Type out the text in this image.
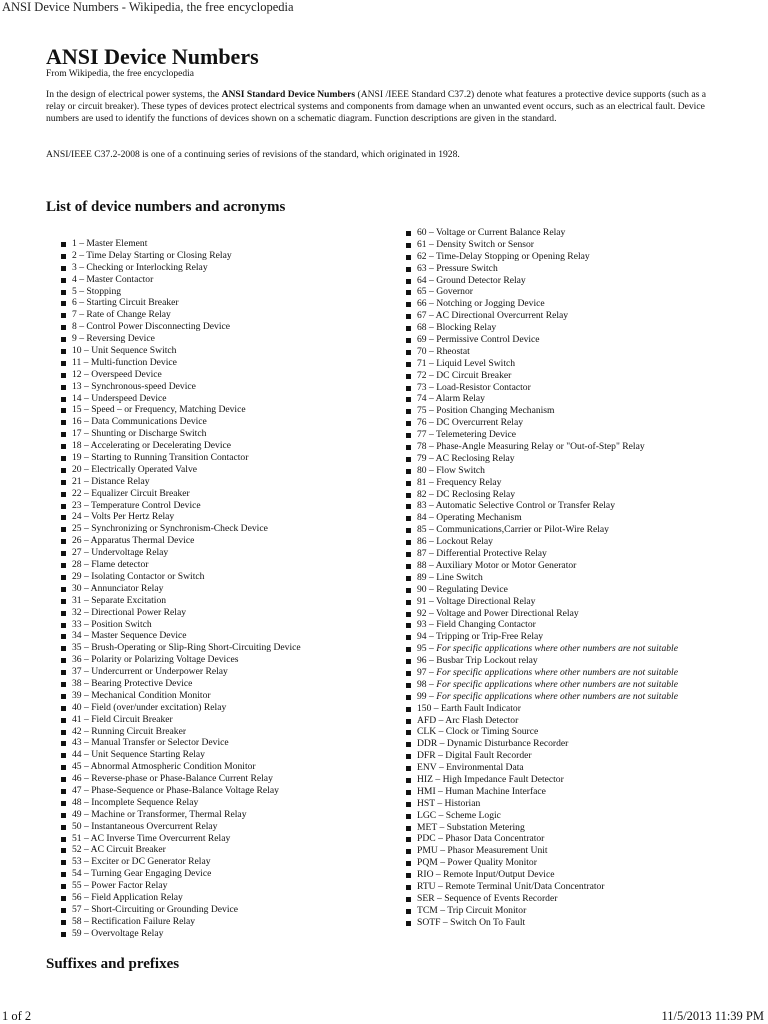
ANSI Device Numbers - Wikipedia, the free encyclopedia
ANSI Device Numbers
From Wikipedia, the free encyclopedia

In the design of electrical power systems, the ANSI Standard Device Numbers (ANSI /IEEE Standard C37.2) denote what features a protective device supports (such as a relay or circuit breaker). These types of devices protect electrical systems and components from damage when an unwanted event occurs, such as an electrical fault. Device numbers are used to identify the functions of devices shown on a schematic diagram. Function descriptions are given in the standard.

ANSI/IEEE C37.2-2008 is one of a continuing series of revisions of the standard, which originated in 1928.

List of device numbers and acronyms
1 – Master Element
2 – Time Delay Starting or Closing Relay
3 – Checking or Interlocking Relay
4 – Master Contactor
5 – Stopping
6 – Starting Circuit Breaker
7 – Rate of Change Relay
8 – Control Power Disconnecting Device
9 – Reversing Device
10 – Unit Sequence Switch
11 – Multi-function Device
12 – Overspeed Device
13 – Synchronous-speed Device
14 – Underspeed Device
15 – Speed – or Frequency, Matching Device
16 – Data Communications Device
17 – Shunting or Discharge Switch
18 – Accelerating or Decelerating Device
19 – Starting to Running Transition Contactor
20 – Electrically Operated Valve
21 – Distance Relay
22 – Equalizer Circuit Breaker
23 – Temperature Control Device
24 – Volts Per Hertz Relay
25 – Synchronizing or Synchronism-Check Device
26 – Apparatus Thermal Device
27 – Undervoltage Relay
28 – Flame detector
29 – Isolating Contactor or Switch
30 – Annunciator Relay
31 – Separate Excitation
32 – Directional Power Relay
33 – Position Switch
34 – Master Sequence Device
35 – Brush-Operating or Slip-Ring Short-Circuiting Device
36 – Polarity or Polarizing Voltage Devices
37 – Undercurrent or Underpower Relay
38 – Bearing Protective Device
39 – Mechanical Condition Monitor
40 – Field (over/under excitation) Relay
41 – Field Circuit Breaker
42 – Running Circuit Breaker
43 – Manual Transfer or Selector Device
44 – Unit Sequence Starting Relay
45 – Abnormal Atmospheric Condition Monitor
46 – Reverse-phase or Phase-Balance Current Relay
47 – Phase-Sequence or Phase-Balance Voltage Relay
48 – Incomplete Sequence Relay
49 – Machine or Transformer, Thermal Relay
50 – Instantaneous Overcurrent Relay
51 – AC Inverse Time Overcurrent Relay
52 – AC Circuit Breaker
53 – Exciter or DC Generator Relay
54 – Turning Gear Engaging Device
55 – Power Factor Relay
56 – Field Application Relay
57 – Short-Circuiting or Grounding Device
58 – Rectification Failure Relay
59 – Overvoltage Relay
60 – Voltage or Current Balance Relay
61 – Density Switch or Sensor
62 – Time-Delay Stopping or Opening Relay
63 – Pressure Switch
64 – Ground Detector Relay
65 – Governor
66 – Notching or Jogging Device
67 – AC Directional Overcurrent Relay
68 – Blocking Relay
69 – Permissive Control Device
70 – Rheostat
71 – Liquid Level Switch
72 – DC Circuit Breaker
73 – Load-Resistor Contactor
74 – Alarm Relay
75 – Position Changing Mechanism
76 – DC Overcurrent Relay
77 – Telemetering Device
78 – Phase-Angle Measuring Relay or "Out-of-Step" Relay
79 – AC Reclosing Relay
80 – Flow Switch
81 – Frequency Relay
82 – DC Reclosing Relay
83 – Automatic Selective Control or Transfer Relay
84 – Operating Mechanism
85 – Communications,Carrier or Pilot-Wire Relay
86 – Lockout Relay
87 – Differential Protective Relay
88 – Auxiliary Motor or Motor Generator
89 – Line Switch
90 – Regulating Device
91 – Voltage Directional Relay
92 – Voltage and Power Directional Relay
93 – Field Changing Contactor
94 – Tripping or Trip-Free Relay
95 – For specific applications where other numbers are not suitable
96 – Busbar Trip Lockout relay
97 – For specific applications where other numbers are not suitable
98 – For specific applications where other numbers are not suitable
99 – For specific applications where other numbers are not suitable
150 – Earth Fault Indicator
AFD – Arc Flash Detector
CLK – Clock or Timing Source
DDR – Dynamic Disturbance Recorder
DFR – Digital Fault Recorder
ENV – Environmental Data
HIZ – High Impedance Fault Detector
HMI – Human Machine Interface
HST – Historian
LGC – Scheme Logic
MET – Substation Metering
PDC – Phasor Data Concentrator
PMU – Phasor Measurement Unit
PQM – Power Quality Monitor
RIO – Remote Input/Output Device
RTU – Remote Terminal Unit/Data Concentrator
SER – Sequence of Events Recorder
TCM – Trip Circuit Monitor
SOTF – Switch On To Fault
Suffixes and prefixes
1 of 2	11/5/2013 11:39 PM
